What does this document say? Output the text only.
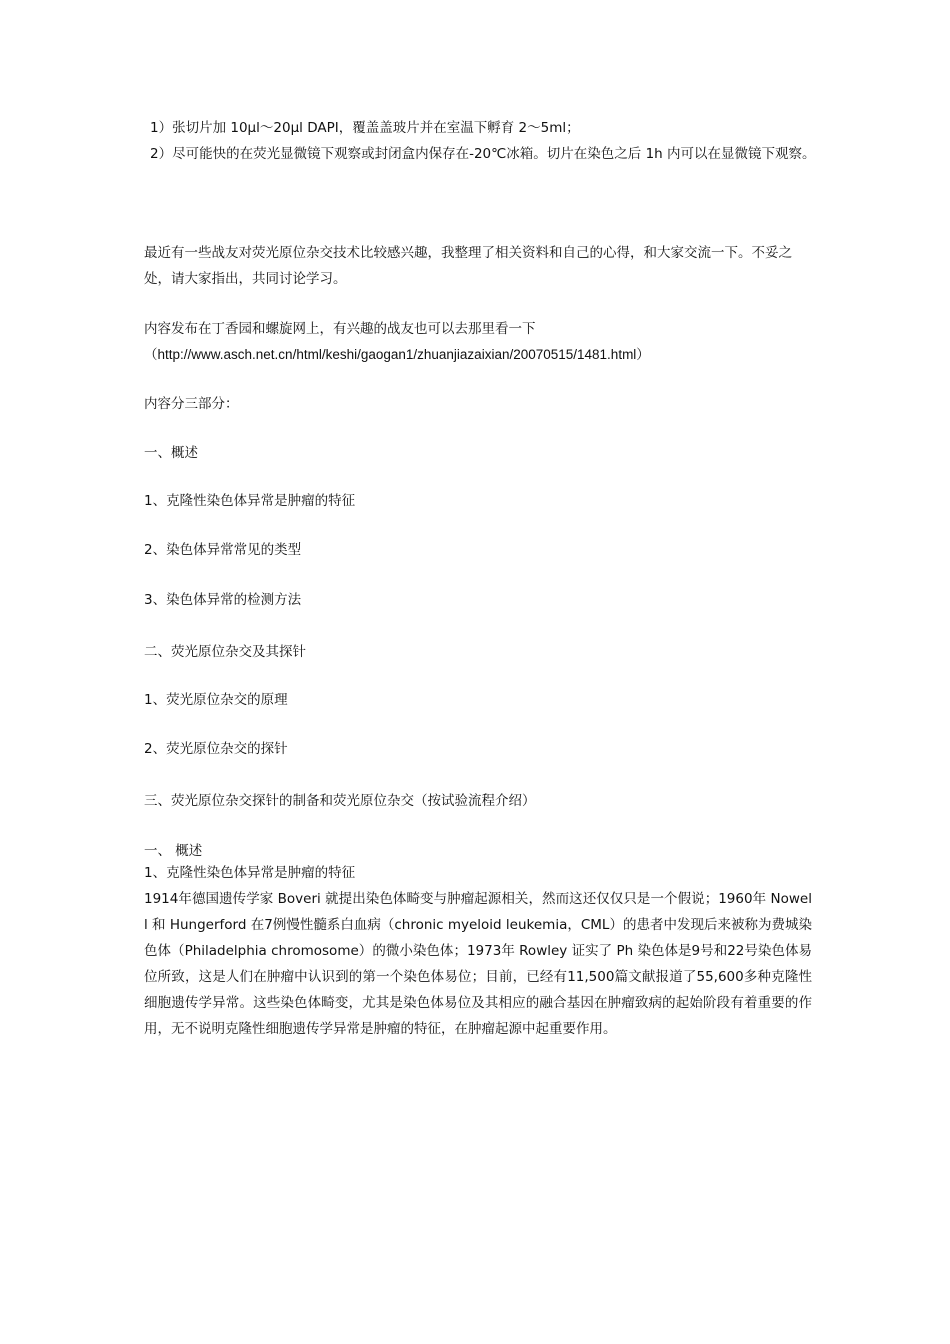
1）张切片加 10μl～20μl DAPI，覆盖盖玻片并在室温下孵育 2～5ml；

2）尽可能快的在荧光显微镜下观察或封闭盒内保存在-20℃冰箱。切片在染色之后 1h 内可以在显微镜下观察。

最近有一些战友对荧光原位杂交技术比较感兴趣，我整理了相关资料和自己的心得，和大家交流一下。不妥之处，请大家指出，共同讨论学习。

内容发布在丁香园和螺旋网上，有兴趣的战友也可以去那里看一下

（http://www.asch.net.cn/html/keshi/gaogan1/zhuanjiazaixian/20070515/1481.html）

内容分三部分：

一、概述

1、克隆性染色体异常是肿瘤的特征

2、染色体异常常见的类型

3、染色体异常的检测方法

二、荧光原位杂交及其探针

1、荧光原位杂交的原理

2、荧光原位杂交的探针

三、荧光原位杂交探针的制备和荧光原位杂交（按试验流程介绍）

一、 概述

1、克隆性染色体异常是肿瘤的特征

1914年德国遗传学家 Boveri 就提出染色体畸变与肿瘤起源相关，然而这还仅仅只是一个假说；1960年 Nowell 和 Hungerford 在7例慢性髓系白血病（chronic myeloid leukemia，CML）的患者中发现后来被称为费城染色体（Philadelphia chromosome）的微小染色体；1973年 Rowley 证实了 Ph 染色体是9号和22号染色体易位所致，这是人们在肿瘤中认识到的第一个染色体易位；目前，已经有11,500篇文献报道了55,600多种克隆性细胞遗传学异常。这些染色体畸变，尤其是染色体易位及其相应的融合基因在肿瘤致病的起始阶段有着重要的作用，无不说明克隆性细胞遗传学异常是肿瘤的特征，在肿瘤起源中起重要作用。
